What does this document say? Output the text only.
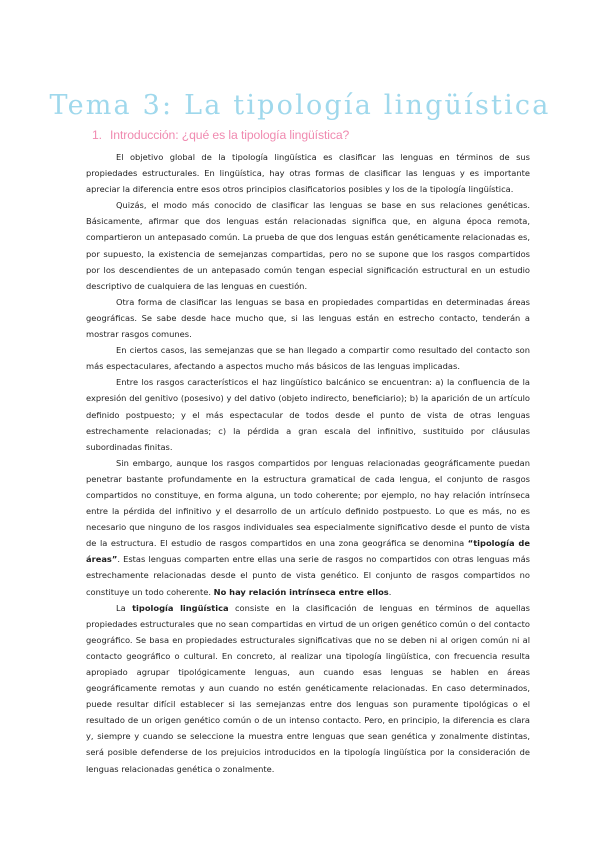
Tema 3: La tipología lingüística
1. Introducción: ¿qué es la tipología lingüística?

El objetivo global de la tipología lingüística es clasificar las lenguas en términos de sus propiedades estructurales. En lingüística, hay otras formas de clasificar las lenguas y es importante apreciar la diferencia entre esos otros principios clasificatorios posibles y los de la tipología lingüística.

Quizás, el modo más conocido de clasificar las lenguas se base en sus relaciones genéticas. Básicamente, afirmar que dos lenguas están relacionadas significa que, en alguna época remota, compartieron un antepasado común. La prueba de que dos lenguas están genéticamente relacionadas es, por supuesto, la existencia de semejanzas compartidas, pero no se supone que los rasgos compartidos por los descendientes de un antepasado común tengan especial significación estructural en un estudio descriptivo de cualquiera de las lenguas en cuestión.

Otra forma de clasificar las lenguas se basa en propiedades compartidas en determinadas áreas geográficas. Se sabe desde hace mucho que, si las lenguas están en estrecho contacto, tenderán a mostrar rasgos comunes.

En ciertos casos, las semejanzas que se han llegado a compartir como resultado del contacto son más espectaculares, afectando a aspectos mucho más básicos de las lenguas implicadas.

Entre los rasgos característicos el haz lingüístico balcánico se encuentran: a) la confluencia de la expresión del genitivo (posesivo) y del dativo (objeto indirecto, beneficiario); b) la aparición de un artículo definido postpuesto; y el más espectacular de todos desde el punto de vista de otras lenguas estrechamente relacionadas; c) la pérdida a gran escala del infinitivo, sustituido por cláusulas subordinadas finitas.

Sin embargo, aunque los rasgos compartidos por lenguas relacionadas geográficamente puedan penetrar bastante profundamente en la estructura gramatical de cada lengua, el conjunto de rasgos compartidos no constituye, en forma alguna, un todo coherente; por ejemplo, no hay relación intrínseca entre la pérdida del infinitivo y el desarrollo de un artículo definido postpuesto. Lo que es más, no es necesario que ninguno de los rasgos individuales sea especialmente significativo desde el punto de vista de la estructura. El estudio de rasgos compartidos en una zona geográfica se denomina “tipología de áreas”. Estas lenguas comparten entre ellas una serie de rasgos no compartidos con otras lenguas más estrechamente relacionadas desde el punto de vista genético. El conjunto de rasgos compartidos no constituye un todo coherente. No hay relación intrínseca entre ellos.

La tipología lingüística consiste en la clasificación de lenguas en términos de aquellas propiedades estructurales que no sean compartidas en virtud de un origen genético común o del contacto geográfico. Se basa en propiedades estructurales significativas que no se deben ni al origen común ni al contacto geográfico o cultural. En concreto, al realizar una tipología lingüística, con frecuencia resulta apropiado agrupar tipológicamente lenguas, aun cuando esas lenguas se hablen en áreas geográficamente remotas y aun cuando no estén genéticamente relacionadas. En caso determinados, puede resultar difícil establecer si las semejanzas entre dos lenguas son puramente tipológicas o el resultado de un origen genético común o de un intenso contacto. Pero, en principio, la diferencia es clara y, siempre y cuando se seleccione la muestra entre lenguas que sean genética y zonalmente distintas, será posible defenderse de los prejuicios introducidos en la tipología lingüística por la consideración de lenguas relacionadas genética o zonalmente.
